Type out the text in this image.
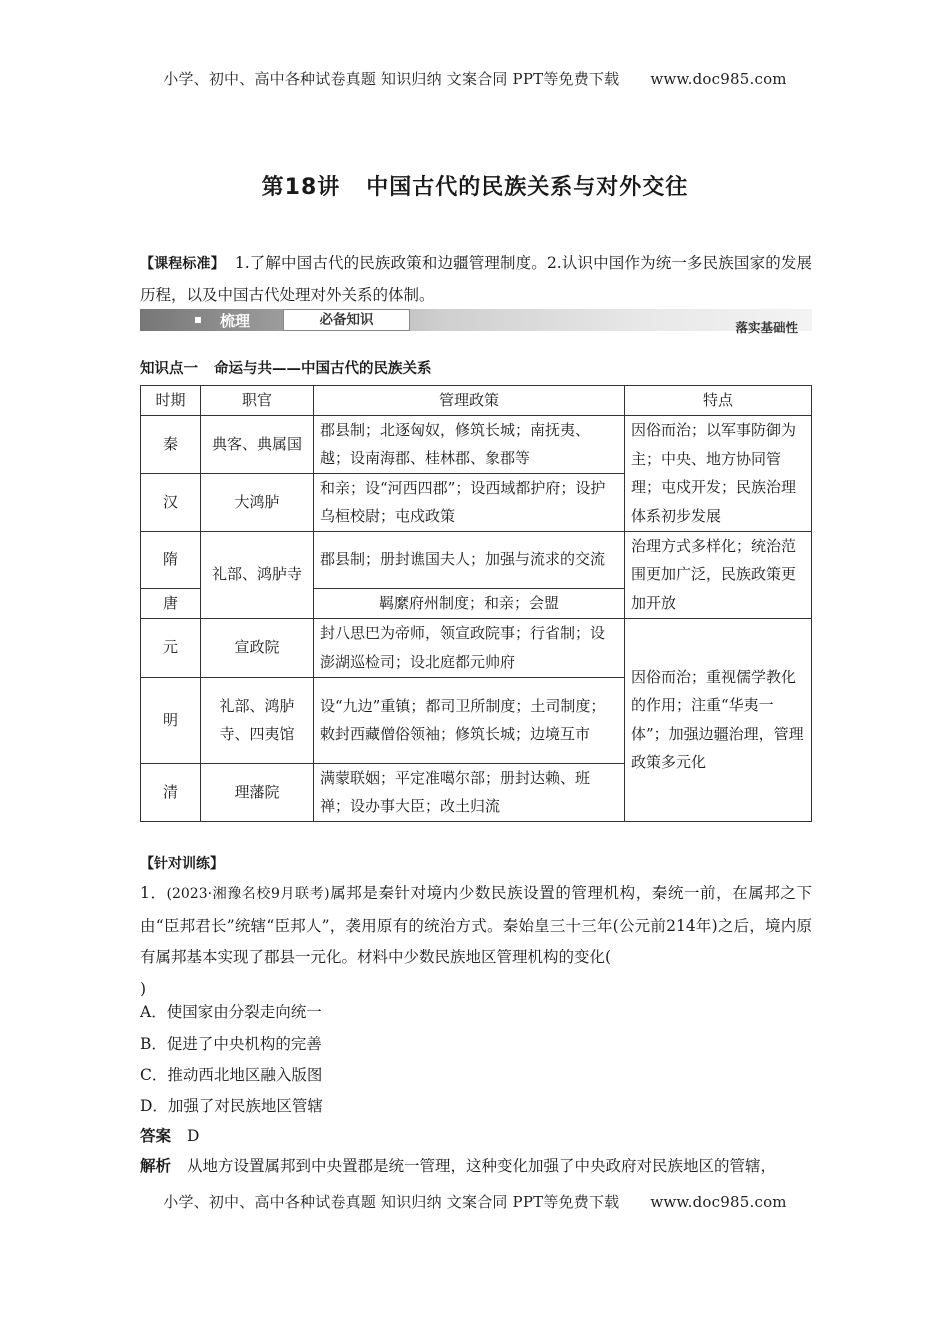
小学、初中、高中各种试卷真题 知识归纳 文案合同 PPT等免费下载 www.doc985.com
第18讲 中国古代的民族关系与对外交往
【课程标准】 1.了解中国古代的民族政策和边疆管理制度。2.认识中国作为统一多民族国家的发展历程，以及中国古代处理对外关系的体制。
梳理	必备知识	落实基础性
知识点一 命运与共——中国古代的民族关系
时期	职官	管理政策	特点
秦	典客、典属国	郡县制；北逐匈奴，修筑长城；南抚夷、越；设南海郡、桂林郡、象郡等	因俗而治；以军事防御为主；中央、地方协同管理；屯戍开发；民族治理体系初步发展
汉	大鸿胪	和亲；设“河西四郡”；设西域都护府；设护乌桓校尉；屯戍政策	
隋	礼部、鸿胪寺	郡县制；册封谯国夫人；加强与流求的交流	治理方式多样化；统治范围更加广泛，民族政策更加开放
唐		羁縻府州制度；和亲；会盟	
元	宣政院	封八思巴为帝师，领宣政院事；行省制；设澎湖巡检司；设北庭都元帅府	因俗而治；重视儒学教化的作用；注重“华夷一体”；加强边疆治理，管理政策多元化
明	礼部、鸿胪寺、四夷馆	设“九边”重镇；都司卫所制度；土司制度；敕封西藏僧俗领袖；修筑长城；边境互市	
清	理藩院	满蒙联姻；平定准噶尔部；册封达赖、班禅；设办事大臣；改土归流	
【针对训练】
1．(2023·湘豫名校9月联考)属邦是秦针对境内少数民族设置的管理机构，秦统一前，在属邦之下由“臣邦君长”统辖“臣邦人”，袭用原有的统治方式。秦始皇三十三年(公元前214年)之后，境内原有属邦基本实现了郡县一元化。材料中少数民族地区管理机构的变化(
)
A．使国家由分裂走向统一
B．促进了中央机构的完善
C．推动西北地区融入版图
D．加强了对民族地区管辖
答案 D
解析 从地方设置属邦到中央置郡是统一管理，这种变化加强了中央政府对民族地区的管辖，
小学、初中、高中各种试卷真题 知识归纳 文案合同 PPT等免费下载 www.doc985.com
